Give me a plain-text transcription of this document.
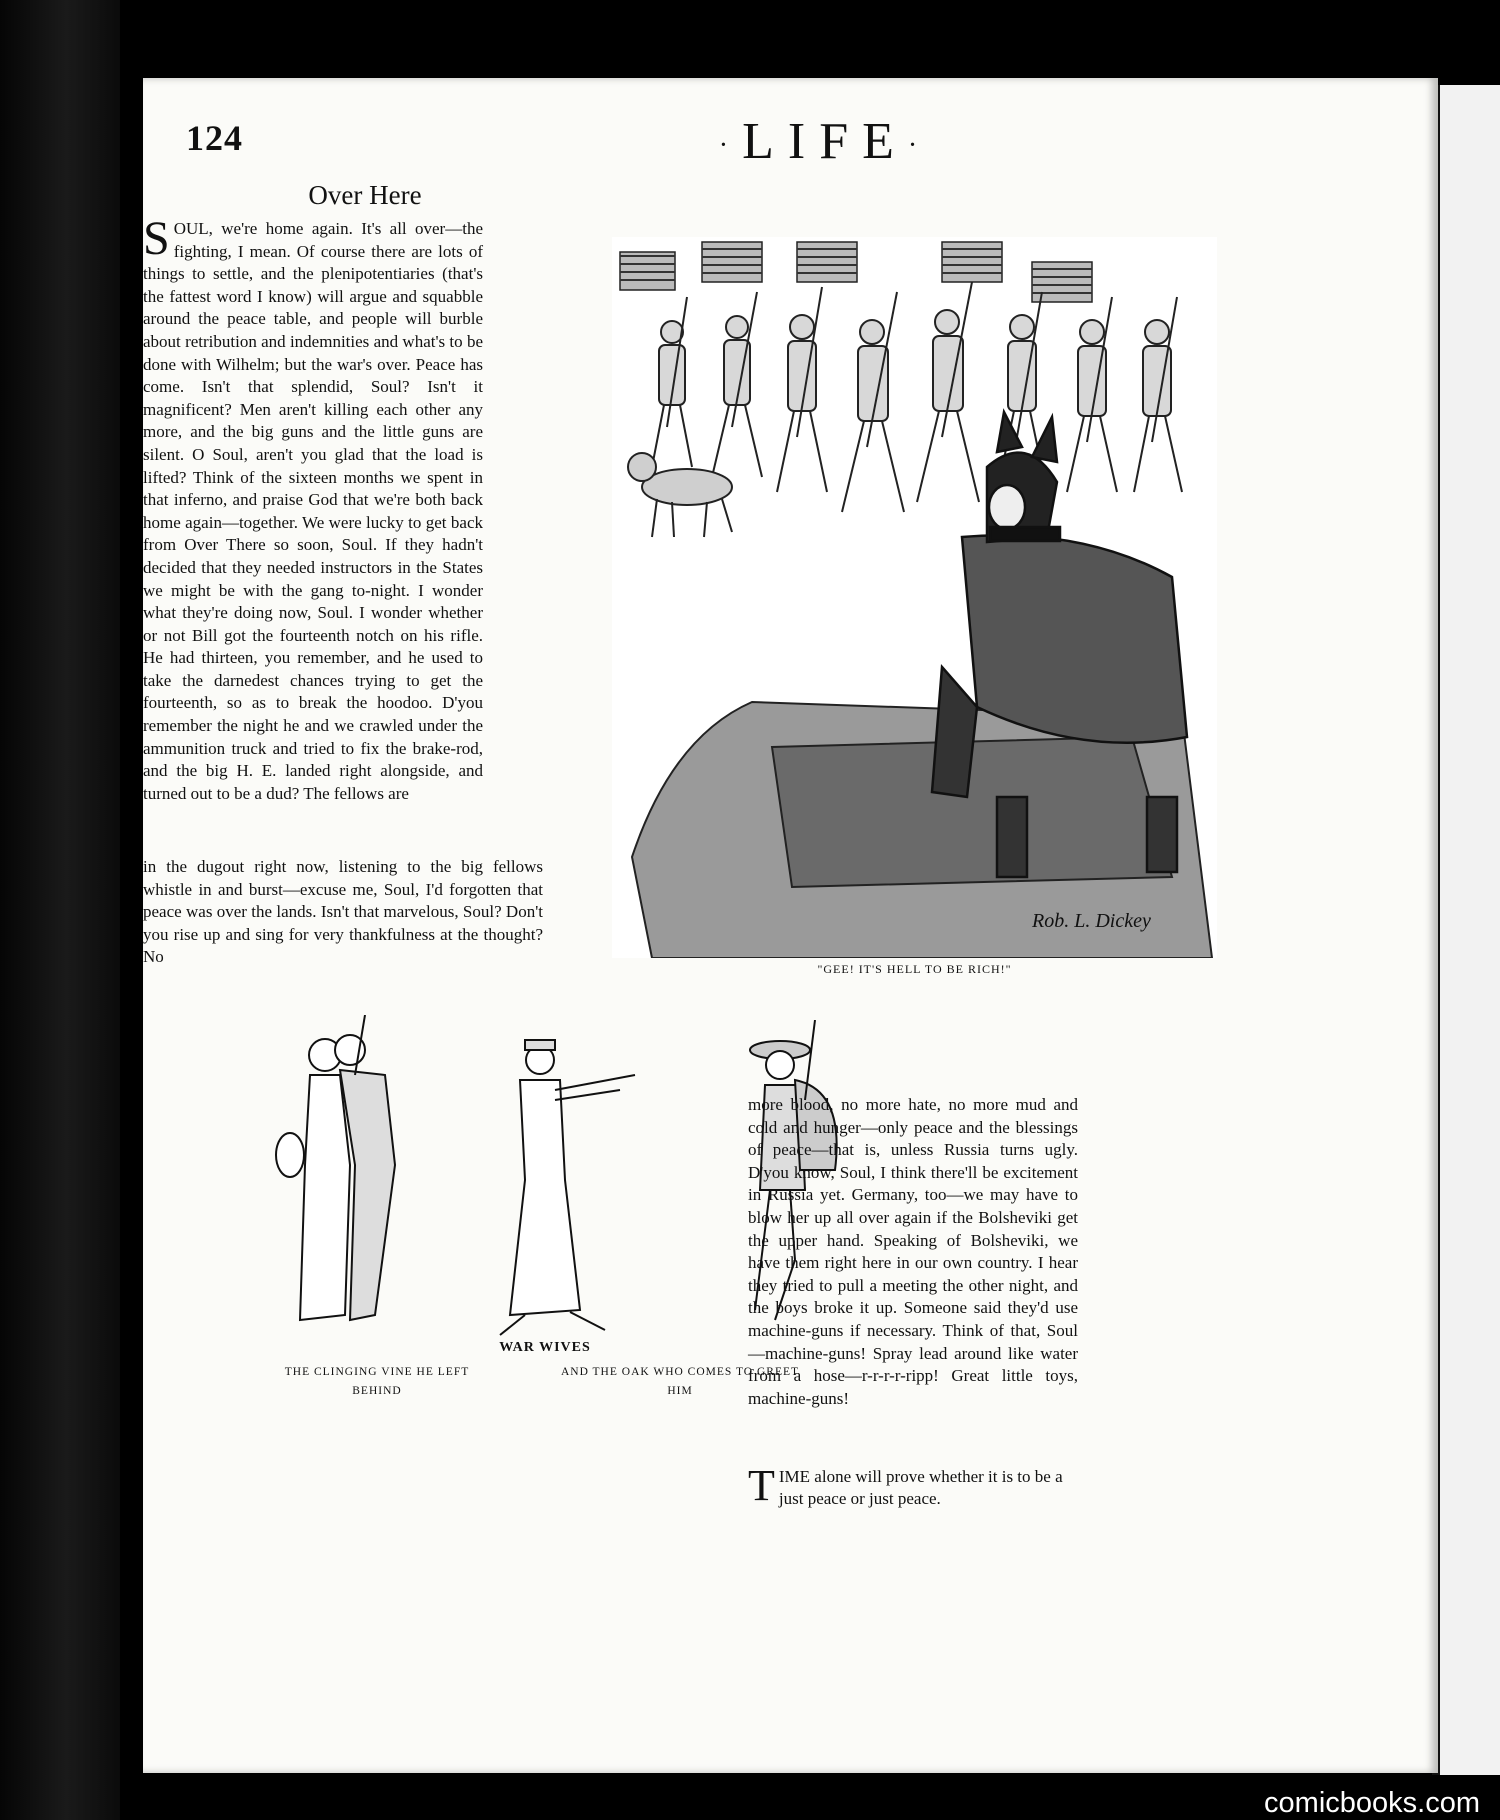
124	·LIFE·
Over Here
SOUL, we're home again. It's all over—the fighting, I mean. Of course there are lots of things to settle, and the plenipotentiaries (that's the fattest word I know) will argue and squabble around the peace table, and people will burble about retribution and indemnities and what's to be done with Wilhelm; but the war's over. Peace has come. Isn't that splendid, Soul? Isn't it magnificent? Men aren't killing each other any more, and the big guns and the little guns are silent. O Soul, aren't you glad that the load is lifted? Think of the sixteen months we spent in that inferno, and praise God that we're both back home again—together. We were lucky to get back from Over There so soon, Soul. If they hadn't decided that they needed instructors in the States we might be with the gang to-night. I wonder what they're doing now, Soul. I wonder whether or not Bill got the fourteenth notch on his rifle. He had thirteen, you remember, and he used to take the darnedest chances trying to get the fourteenth, so as to break the hoodoo. D'you remember the night he and we crawled under the ammunition truck and tried to fix the brake-rod, and the big H. E. landed right alongside, and turned out to be a dud? The fellows are
in the dugout right now, listening to the big fellows whistle in and burst—excuse me, Soul, I'd forgotten that peace was over the lands. Isn't that marvelous, Soul? Don't you rise up and sing for very thankfulness at the thought? No
Rob. L. Dickey
"GEE! IT'S HELL TO BE RICH!"
WAR WIVES
THE CLINGING VINE HE LEFT BEHIND
AND THE OAK WHO COMES TO GREET HIM
more blood, no more hate, no more mud and cold and hunger—only peace and the blessings of peace—that is, unless Russia turns ugly. D'you know, Soul, I think there'll be excitement in Russia yet. Germany, too—we may have to blow her up all over again if the Bolsheviki get the upper hand. Speaking of Bolsheviki, we have them right here in our own country. I hear they tried to pull a meeting the other night, and the boys broke it up. Someone said they'd use machine-guns if necessary. Think of that, Soul—machine-guns! Spray lead around like water from a hose—r-r-r-r-ripp! Great little toys, machine-guns!
TIME alone will prove whether it is to be a just peace or just peace.
comicbooks.com
